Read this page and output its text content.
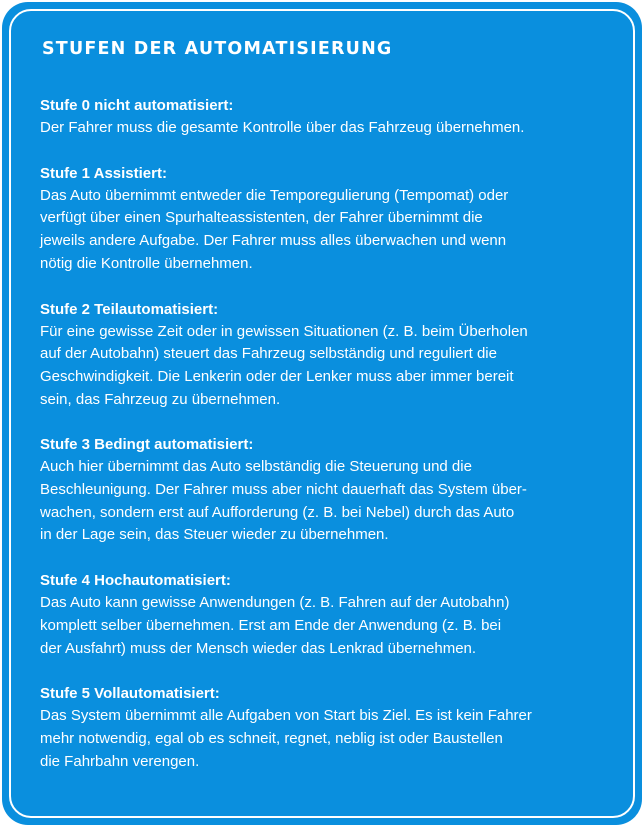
STUFEN DER AUTOMATISIERUNG
Stufe 0 nicht automatisiert:
Der Fahrer muss die gesamte Kontrolle über das Fahrzeug übernehmen.
Stufe 1 Assistiert:
Das Auto übernimmt entweder die Temporegulierung (Tempomat) oder
verfügt über einen Spurhalteassistenten, der Fahrer übernimmt die
jeweils andere Aufgabe. Der Fahrer muss alles überwachen und wenn
nötig die Kontrolle übernehmen.
Stufe 2 Teilautomatisiert:
Für eine gewisse Zeit oder in gewissen Situationen (z. B. beim Überholen
auf der Autobahn) steuert das Fahrzeug selbständig und reguliert die
Geschwindigkeit. Die Lenkerin oder der Lenker muss aber immer bereit
sein, das Fahrzeug zu übernehmen.
Stufe 3 Bedingt automatisiert:
Auch hier übernimmt das Auto selbständig die Steuerung und die
Beschleunigung. Der Fahrer muss aber nicht dauerhaft das System über-
wachen, sondern erst auf Aufforderung (z. B. bei Nebel) durch das Auto
in der Lage sein, das Steuer wieder zu übernehmen.
Stufe 4 Hochautomatisiert:
Das Auto kann gewisse Anwendungen (z. B. Fahren auf der Autobahn)
komplett selber übernehmen. Erst am Ende der Anwendung (z. B. bei
der Ausfahrt) muss der Mensch wieder das Lenkrad übernehmen.
Stufe 5 Vollautomatisiert:
Das System übernimmt alle Aufgaben von Start bis Ziel. Es ist kein Fahrer
mehr notwendig, egal ob es schneit, regnet, neblig ist oder Baustellen
die Fahrbahn verengen.
